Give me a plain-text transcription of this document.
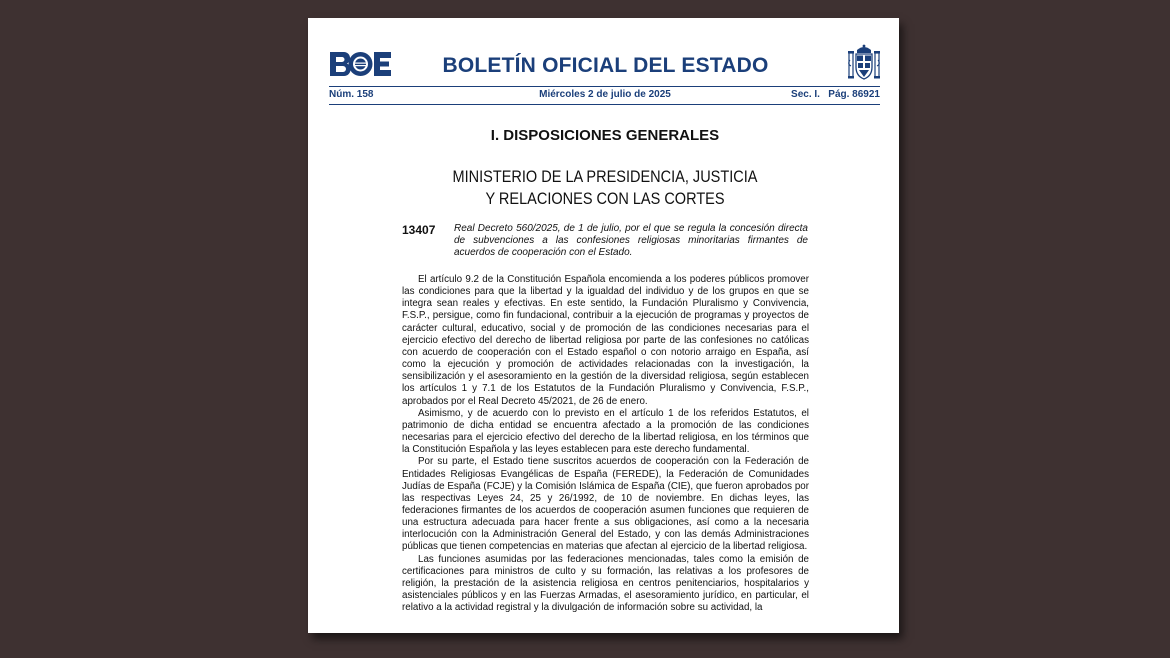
BOLETÍN OFICIAL DEL ESTADO
Núm. 158	Miércoles 2 de julio de 2025	Sec. I.   Pág. 86921
I. DISPOSICIONES GENERALES
MINISTERIO DE LA PRESIDENCIA, JUSTICIA
Y RELACIONES CON LAS CORTES
13407 Real Decreto 560/2025, de 1 de julio, por el que se regula la concesión directa de subvenciones a las confesiones religiosas minoritarias firmantes de acuerdos de cooperación con el Estado.

El artículo 9.2 de la Constitución Española encomienda a los poderes públicos promover las condiciones para que la libertad y la igualdad del individuo y de los grupos en que se integra sean reales y efectivas. En este sentido, la Fundación Pluralismo y Convivencia, F.S.P., persigue, como fin fundacional, contribuir a la ejecución de programas y proyectos de carácter cultural, educativo, social y de promoción de las condiciones necesarias para el ejercicio efectivo del derecho de libertad religiosa por parte de las confesiones no católicas con acuerdo de cooperación con el Estado español o con notorio arraigo en España, así como la ejecución y promoción de actividades relacionadas con la investigación, la sensibilización y el asesoramiento en la gestión de la diversidad religiosa, según establecen los artículos 1 y 7.1 de los Estatutos de la Fundación Pluralismo y Convivencia, F.S.P., aprobados por el Real Decreto 45/2021, de 26 de enero.

Asimismo, y de acuerdo con lo previsto en el artículo 1 de los referidos Estatutos, el patrimonio de dicha entidad se encuentra afectado a la promoción de las condiciones necesarias para el ejercicio efectivo del derecho de la libertad religiosa, en los términos que la Constitución Española y las leyes establecen para este derecho fundamental.

Por su parte, el Estado tiene suscritos acuerdos de cooperación con la Federación de Entidades Religiosas Evangélicas de España (FEREDE), la Federación de Comunidades Judías de España (FCJE) y la Comisión Islámica de España (CIE), que fueron aprobados por las respectivas Leyes 24, 25 y 26/1992, de 10 de noviembre. En dichas leyes, las federaciones firmantes de los acuerdos de cooperación asumen funciones que requieren de una estructura adecuada para hacer frente a sus obligaciones, así como a la necesaria interlocución con la Administración General del Estado, y con las demás Administraciones públicas que tienen competencias en materias que afectan al ejercicio de la libertad religiosa.

Las funciones asumidas por las federaciones mencionadas, tales como la emisión de certificaciones para ministros de culto y su formación, las relativas a los profesores de religión, la prestación de la asistencia religiosa en centros penitenciarios, hospitalarios y asistenciales públicos y en las Fuerzas Armadas, el asesoramiento jurídico, en particular, el relativo a la actividad registral y la divulgación de información sobre su actividad, la
